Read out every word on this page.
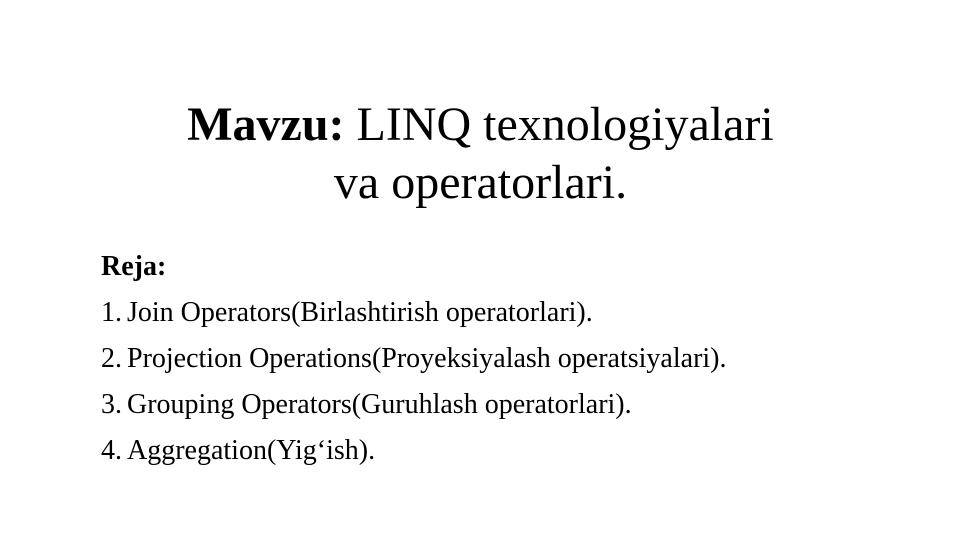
Mavzu: LINQ texnologiyalari
va operatorlari.
Reja:
1. Join Operators(Birlashtirish operatorlari).
2. Projection Operations(Proyeksiyalash operatsiyalari).
3. Grouping Operators(Guruhlash operatorlari).
4. Aggregation(Yig‘ish).
